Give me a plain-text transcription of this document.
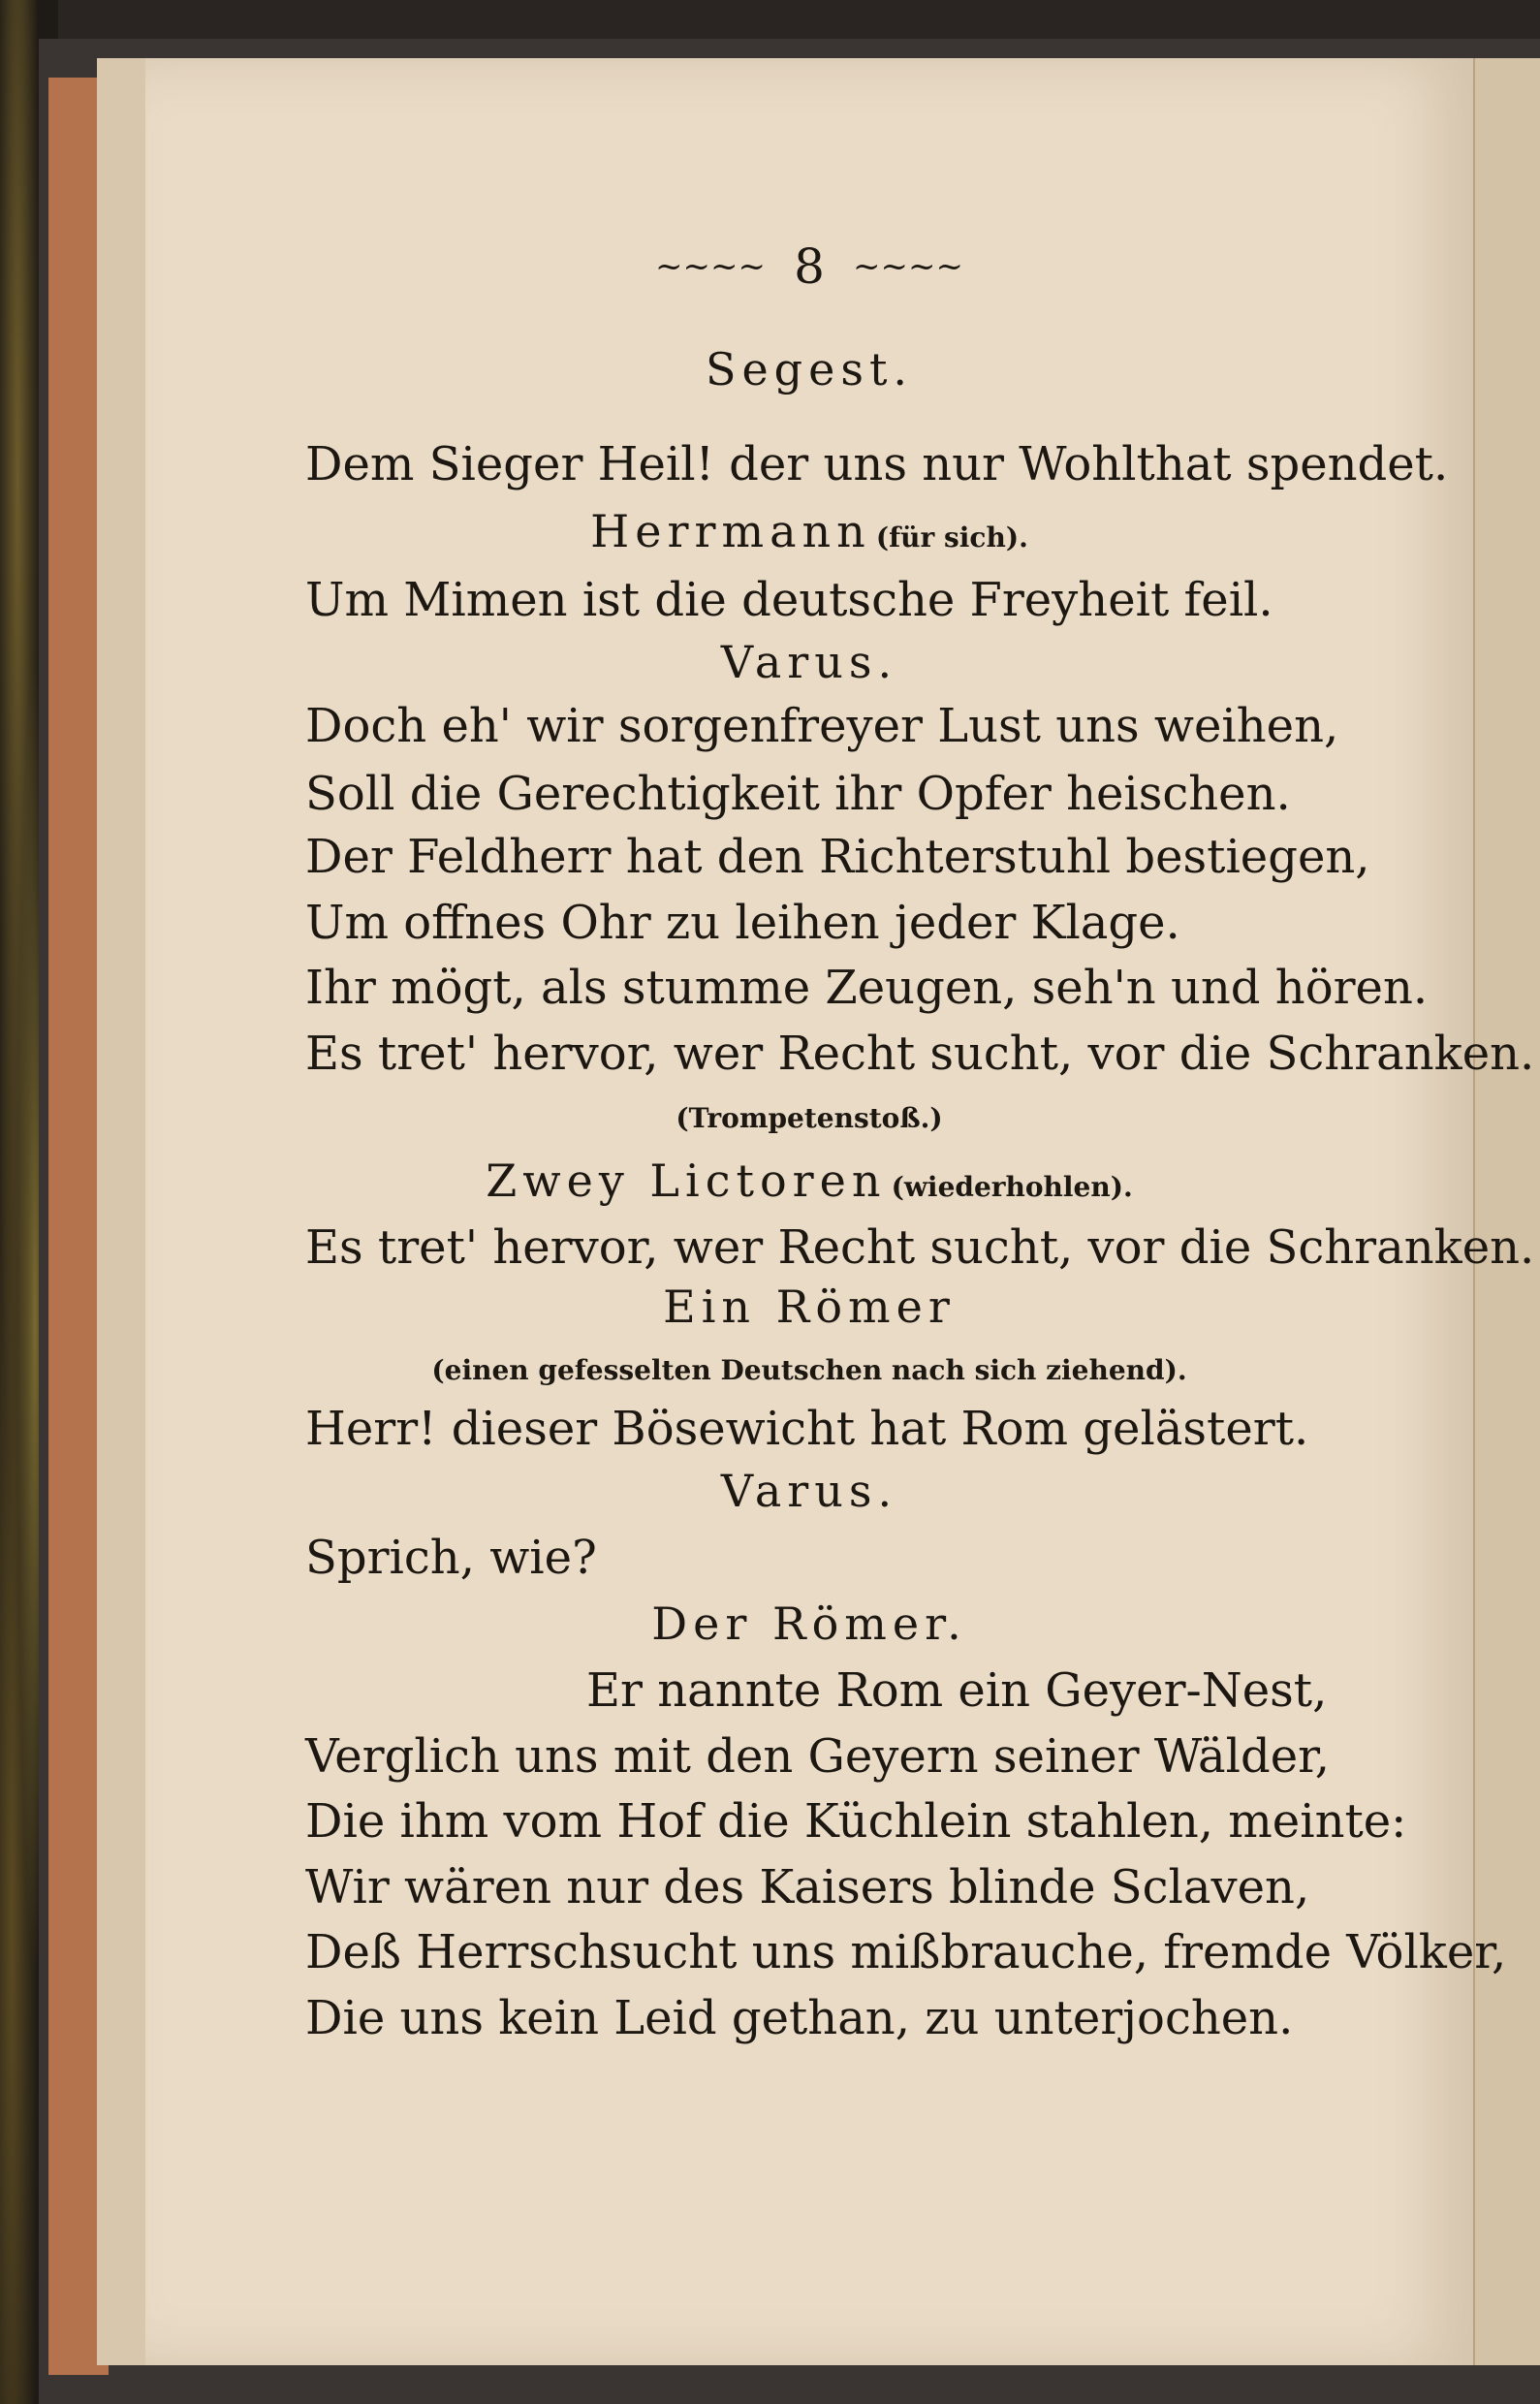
~~~~ 8 ~~~~
Segest.
Dem Sieger Heil! der uns nur Wohlthat spendet.
Herrmann (für sich).
Um Mimen ist die deutsche Freyheit feil.
Varus.
Doch eh' wir sorgenfreyer Lust uns weihen,
Soll die Gerechtigkeit ihr Opfer heischen.
Der Feldherr hat den Richterstuhl bestiegen,
Um offnes Ohr zu leihen jeder Klage.
Ihr mögt, als stumme Zeugen, seh'n und hören.
Es tret' hervor, wer Recht sucht, vor die Schranken.
(Trompetenstoß.)
Zwey Lictoren (wiederhohlen).
Es tret' hervor, wer Recht sucht, vor die Schranken.
Ein Römer
(einen gefesselten Deutschen nach sich ziehend).
Herr! dieser Bösewicht hat Rom gelästert.
Varus.
Sprich, wie?
Der Römer.
Er nannte Rom ein Geyer-Nest,
Verglich uns mit den Geyern seiner Wälder,
Die ihm vom Hof die Küchlein stahlen, meinte:
Wir wären nur des Kaisers blinde Sclaven,
Deß Herrschsucht uns mißbrauche, fremde Völker,
Die uns kein Leid gethan, zu unterjochen.
